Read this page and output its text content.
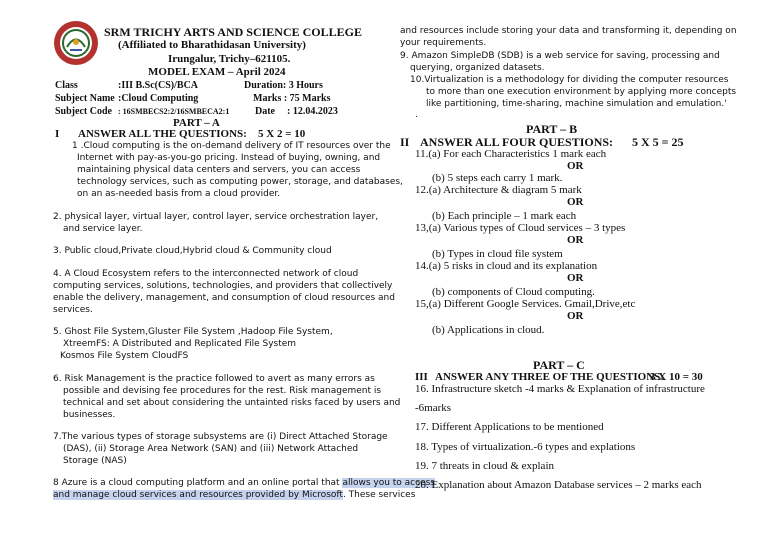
SRM TRICHY ARTS AND SCIENCE COLLEGE
(Affiliated to Bharathidasan University)
Irungalur, Trichy–621105.
MODEL EXAM – April 2024
Class	:III B.Sc(CS)/BCA	Duration: 3 Hours
Subject Name :Cloud Computing	Marks : 75 Marks
Subject Code : 16SMBECS2:2/16SMBECA2:1	Date : 12.04.2023
PART – A
I ANSWER ALL THE QUESTIONS: 5 X 2 = 10
1 .Cloud computing is the on-demand delivery of IT resources over the
Internet with pay-as-you-go pricing. Instead of buying, owning, and
maintaining physical data centers and servers, you can access
technology services, such as computing power, storage, and databases,
on an as-needed basis from a cloud provider.
2. physical layer, virtual layer, control layer, service orchestration layer,
and service layer.
3. Public cloud,Private cloud,Hybrid cloud & Community cloud
4. A Cloud Ecosystem refers to the interconnected network of cloud
computing services, solutions, technologies, and providers that collectively
enable the delivery, management, and consumption of cloud resources and
services.
5. Ghost File System,Gluster File System ,Hadoop File System,
XtreemFS: A Distributed and Replicated File System
Kosmos File System CloudFS
6. Risk Management is the practice followed to avert as many errors as
possible and devising fee procedures for the rest. Risk management is
technical and set about considering the untainted risks faced by users and
businesses.
7.The various types of storage subsystems are (i) Direct Attached Storage
(DAS), (ii) Storage Area Network (SAN) and (iii) Network Attached
Storage (NAS)
8 Azure is a cloud computing platform and an online portal that allows you to access
and manage cloud services and resources provided by Microsoft. These services
and resources include storing your data and transforming it, depending on
your requirements.
9. Amazon SimpleDB (SDB) is a web service for saving, processing and
querying, organized datasets.
10.Virtualization is a methodology for dividing the computer resources
to more than one execution environment by applying more concepts
like partitioning, time-sharing, machine simulation and emulation.'
.
PART – B
II ANSWER ALL FOUR QUESTIONS: 5 X 5 = 25
11.(a) For each Characteristics 1 mark each
OR
(b) 5 steps each carry 1 mark.
12.(a) Architecture & diagram 5 mark
OR
(b) Each principle – 1 mark each
13,(a) Various types of Cloud services – 3 types
OR
(b) Types in cloud file system
14.(a) 5 risks in cloud and its explanation
OR
(b) components of Cloud computing.
15,(a) Different Google Services. Gmail,Drive,etc
OR
(b) Applications in cloud.
PART – C
III ANSWER ANY THREE OF THE QUESTIONS:
3 X 10 = 30
16. Infrastructure sketch -4 marks & Explanation of infrastructure
-6marks
17. Different Applications to be mentioned
18. Types of virtualization.-6 types and explations
19. 7 threats in cloud & explain
20. Explanation about Amazon Database services – 2 marks each
